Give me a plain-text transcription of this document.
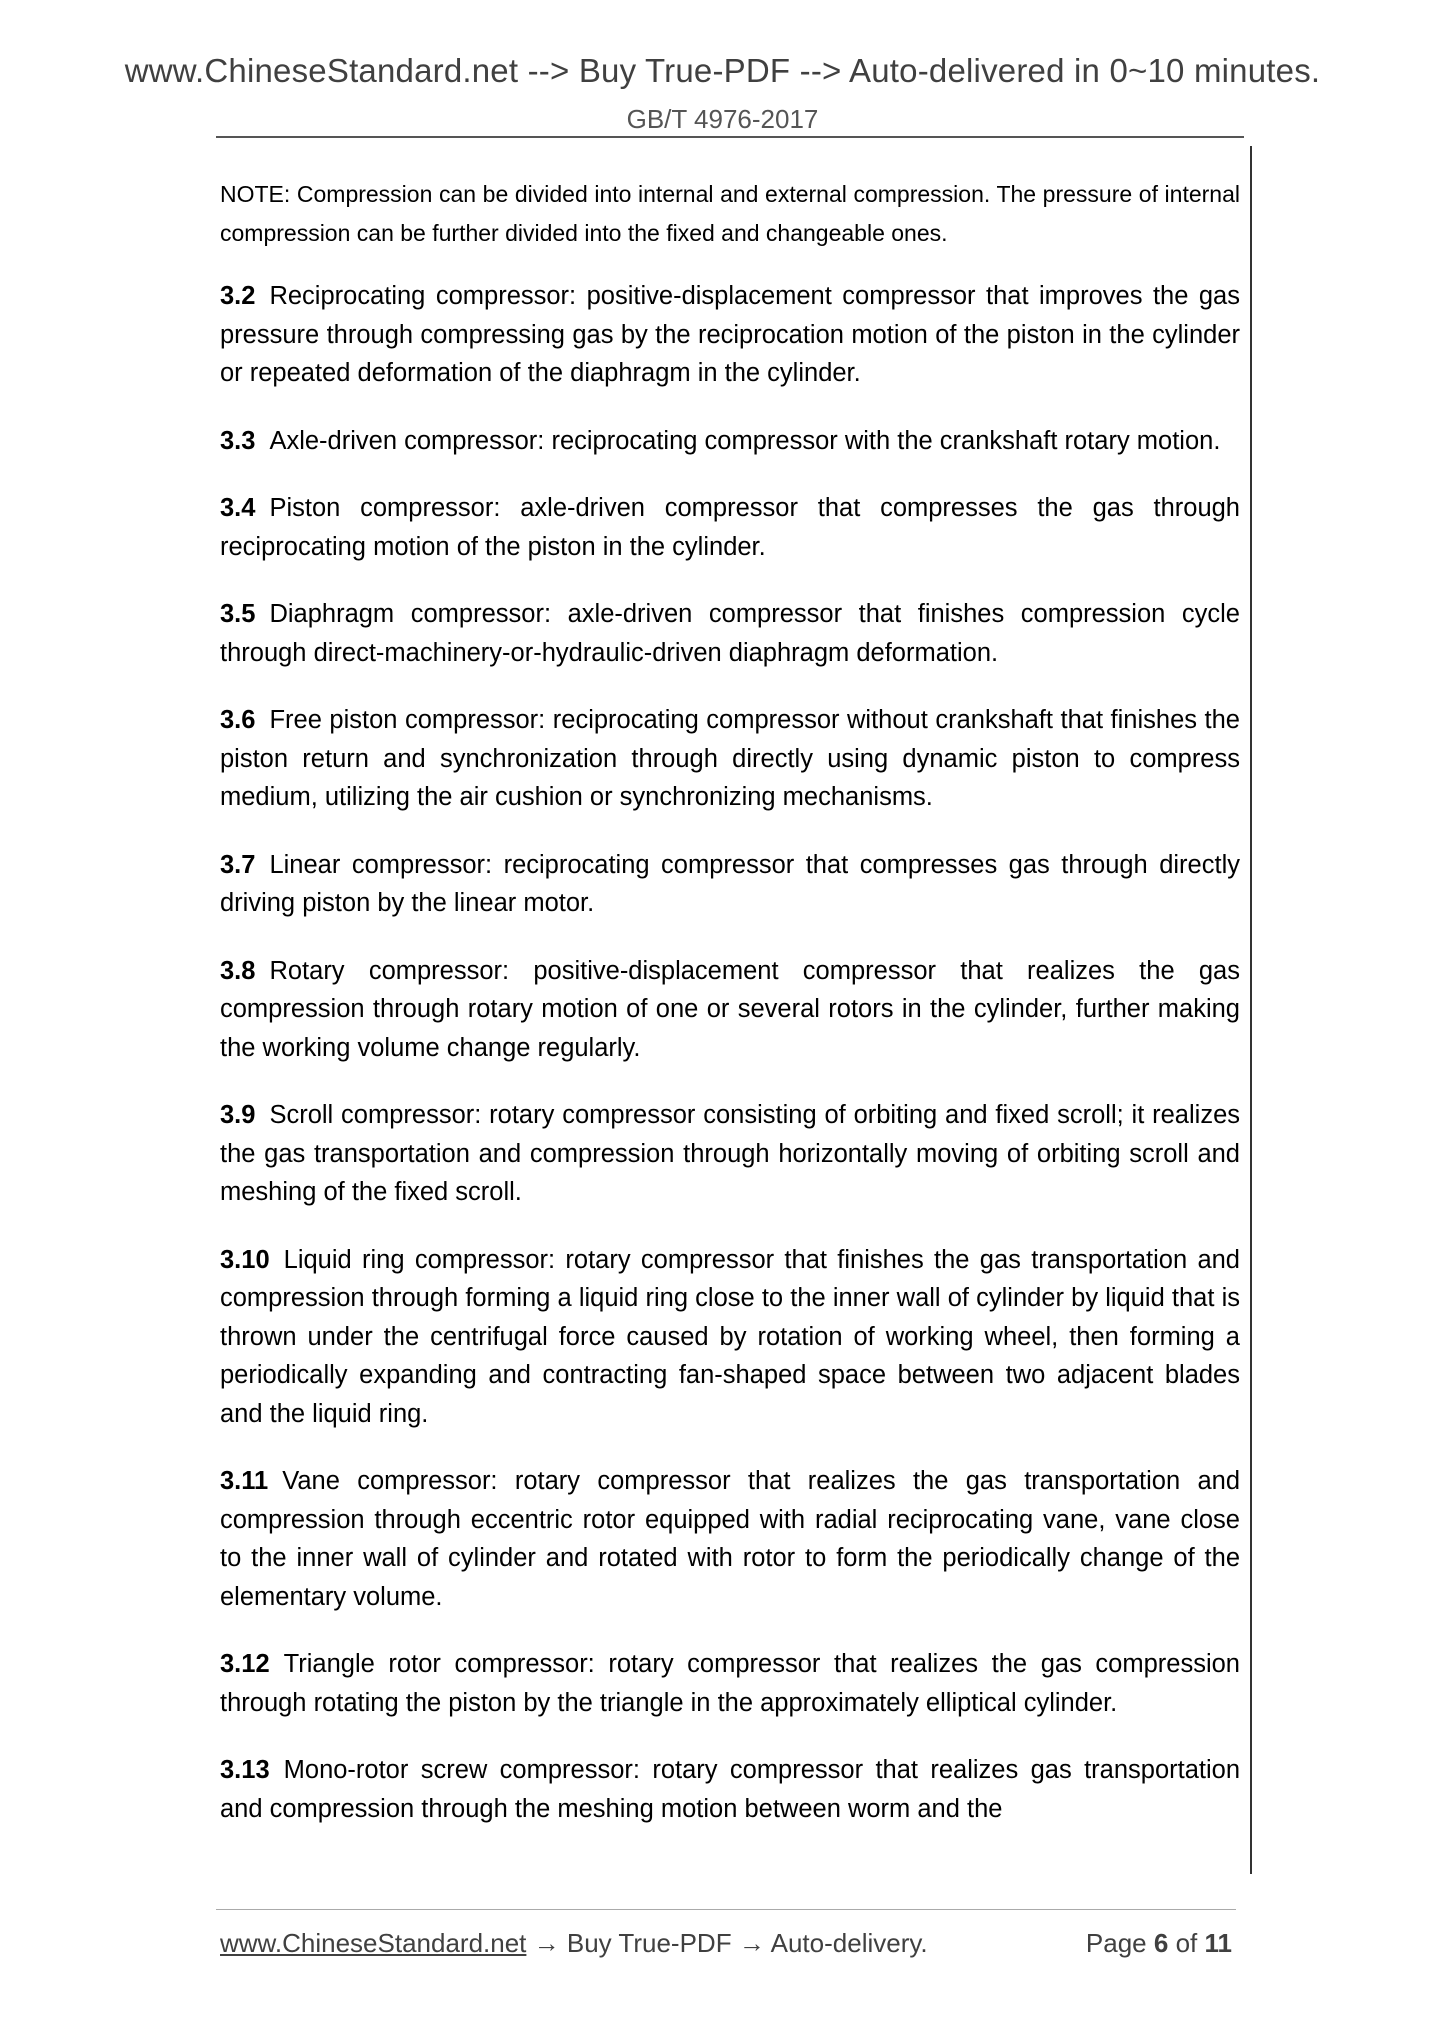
www.ChineseStandard.net --> Buy True-PDF --> Auto-delivered in 0~10 minutes.
GB/T 4976-2017

NOTE: Compression can be divided into internal and external compression. The pressure of internal compression can be further divided into the fixed and changeable ones.

3.2 Reciprocating compressor: positive-displacement compressor that improves the gas pressure through compressing gas by the reciprocation motion of the piston in the cylinder or repeated deformation of the diaphragm in the cylinder.

3.3 Axle-driven compressor: reciprocating compressor with the crankshaft rotary motion.

3.4 Piston compressor: axle-driven compressor that compresses the gas through reciprocating motion of the piston in the cylinder.

3.5 Diaphragm compressor: axle-driven compressor that finishes compression cycle through direct-machinery-or-hydraulic-driven diaphragm deformation.

3.6 Free piston compressor: reciprocating compressor without crankshaft that finishes the piston return and synchronization through directly using dynamic piston to compress medium, utilizing the air cushion or synchronizing mechanisms.

3.7 Linear compressor: reciprocating compressor that compresses gas through directly driving piston by the linear motor.

3.8 Rotary compressor: positive-displacement compressor that realizes the gas compression through rotary motion of one or several rotors in the cylinder, further making the working volume change regularly.

3.9 Scroll compressor: rotary compressor consisting of orbiting and fixed scroll; it realizes the gas transportation and compression through horizontally moving of orbiting scroll and meshing of the fixed scroll.

3.10 Liquid ring compressor: rotary compressor that finishes the gas transportation and compression through forming a liquid ring close to the inner wall of cylinder by liquid that is thrown under the centrifugal force caused by rotation of working wheel, then forming a periodically expanding and contracting fan-shaped space between two adjacent blades and the liquid ring.

3.11 Vane compressor: rotary compressor that realizes the gas transportation and compression through eccentric rotor equipped with radial reciprocating vane, vane close to the inner wall of cylinder and rotated with rotor to form the periodically change of the elementary volume.

3.12 Triangle rotor compressor: rotary compressor that realizes the gas compression through rotating the piston by the triangle in the approximately elliptical cylinder.

3.13 Mono-rotor screw compressor: rotary compressor that realizes gas transportation and compression through the meshing motion between worm and the

www.ChineseStandard.net → Buy True-PDF → Auto-delivery.	Page 6 of 11
